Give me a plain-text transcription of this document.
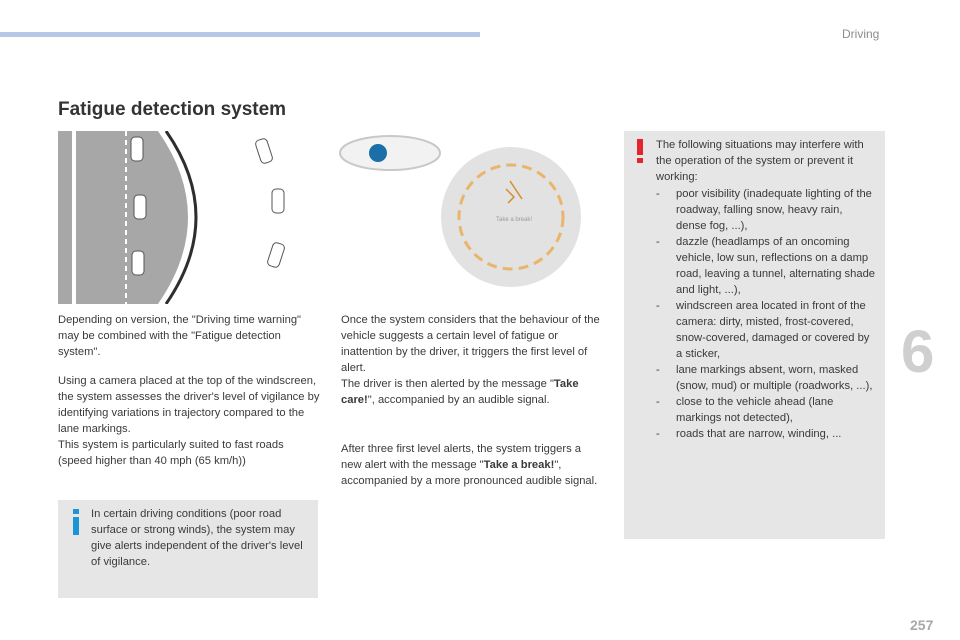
Driving
Fatigue detection system
Take a break!

Depending on version, the "Driving time warning" may be combined with the "Fatigue detection system".

Using a camera placed at the top of the windscreen, the system assesses the driver's level of vigilance by identifying variations in trajectory compared to the lane markings.

This system is particularly suited to fast roads (speed higher than 40 mph (65 km/h))

In certain driving conditions (poor road surface or strong winds), the system may give alerts independent of the driver's level of vigilance.

Once the system considers that the behaviour of the vehicle suggests a certain level of fatigue or inattention by the driver, it triggers the first level of alert.

The driver is then alerted by the message "Take care!", accompanied by an audible signal.

After three first level alerts, the system triggers a new alert with the message "Take a break!", accompanied by a more pronounced audible signal.

The following situations may interfere with the operation of the system or prevent it working:
- poor visibility (inadequate lighting of the roadway, falling snow, heavy rain, dense fog, ...),
- dazzle (headlamps of an oncoming vehicle, low sun, reflections on a damp road, leaving a tunnel, alternating shade and light, ...),
- windscreen area located in front of the camera: dirty, misted, frost-covered, snow-covered, damaged or covered by a sticker,
- lane markings absent, worn, masked (snow, mud) or multiple (roadworks, ...),
- close to the vehicle ahead (lane markings not detected),
- roads that are narrow, winding, ...
6
257
